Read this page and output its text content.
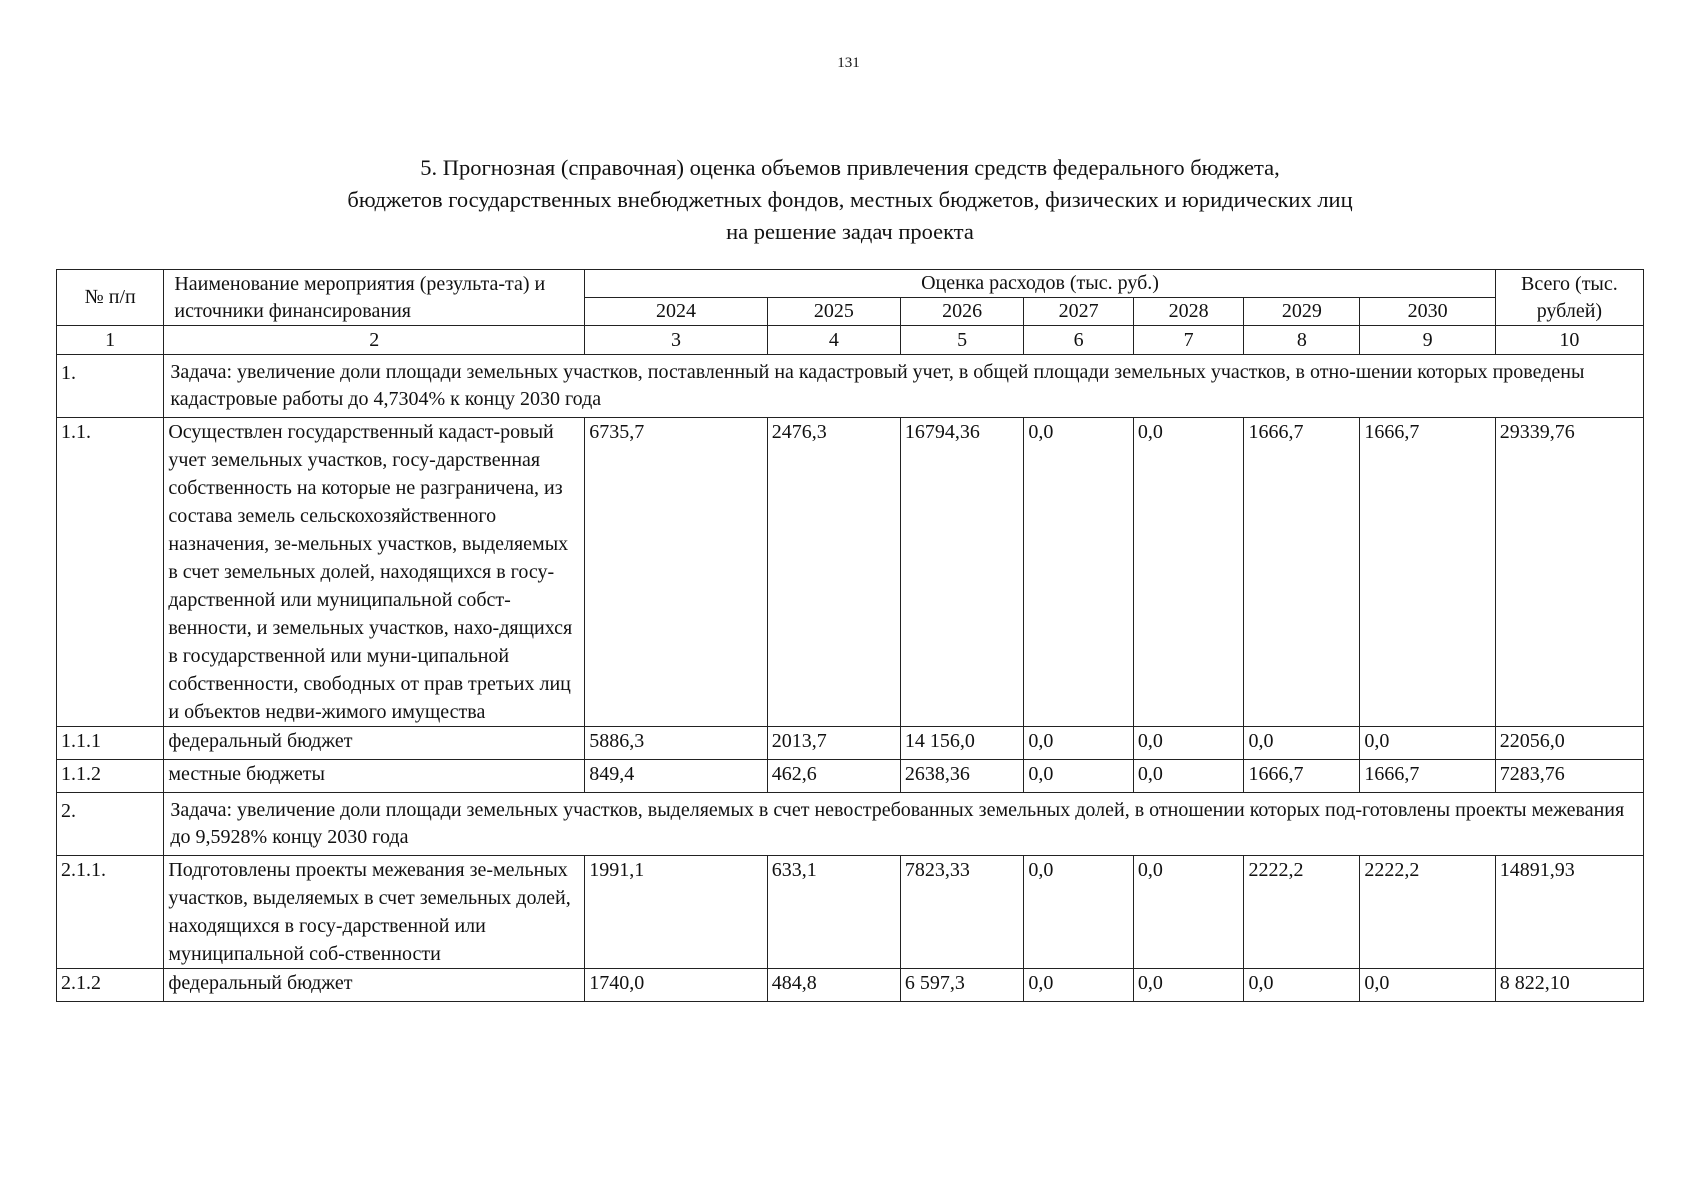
131
5. Прогнозная (справочная) оценка объемов привлечения средств федерального бюджета,
бюджетов государственных внебюджетных фондов, местных бюджетов, физических и юридических лиц
на решение задач проекта
№ п/п	Наименование мероприятия (результа-та) и источники финансирования	Оценка расходов (тыс. руб.)							Всего (тыс. рублей)
		2024	2025	2026	2027	2028	2029	2030	
1	2	3	4	5	6	7	8	9	10
1.	Задача: увеличение доли площади земельных участков, поставленный на кадастровый учет, в общей площади земельных участков, в отно-шении которых проведены кадастровые работы до 4,7304% к концу 2030 года								
1.1.	Осуществлен государственный кадаст-ровый учет земельных участков, госу-дарственная собственность на которые не разграничена, из состава земель сельскохозяйственного назначения, зе-мельных участков, выделяемых в счет земельных долей, находящихся в госу-дарственной или муниципальной собст-венности, и земельных участков, нахо-дящихся в государственной или муни-ципальной собственности, свободных от прав третьих лиц и объектов недви-жимого имущества	6735,7	2476,3	16794,36	0,0	0,0	1666,7	1666,7	29339,76
1.1.1	федеральный бюджет	5886,3	2013,7	14 156,0	0,0	0,0	0,0	0,0	22056,0
1.1.2	местные бюджеты	849,4	462,6	2638,36	0,0	0,0	1666,7	1666,7	7283,76
2.	Задача: увеличение доли площади земельных участков, выделяемых в счет невостребованных земельных долей, в отношении которых под-готовлены проекты межевания до 9,5928% концу 2030 года								
2.1.1.	Подготовлены проекты межевания зе-мельных участков, выделяемых в счет земельных долей, находящихся в госу-дарственной или муниципальной соб-ственности	1991,1	633,1	7823,33	0,0	0,0	2222,2	2222,2	14891,93
2.1.2	федеральный бюджет	1740,0	484,8	6 597,3	0,0	0,0	0,0	0,0	8 822,10
